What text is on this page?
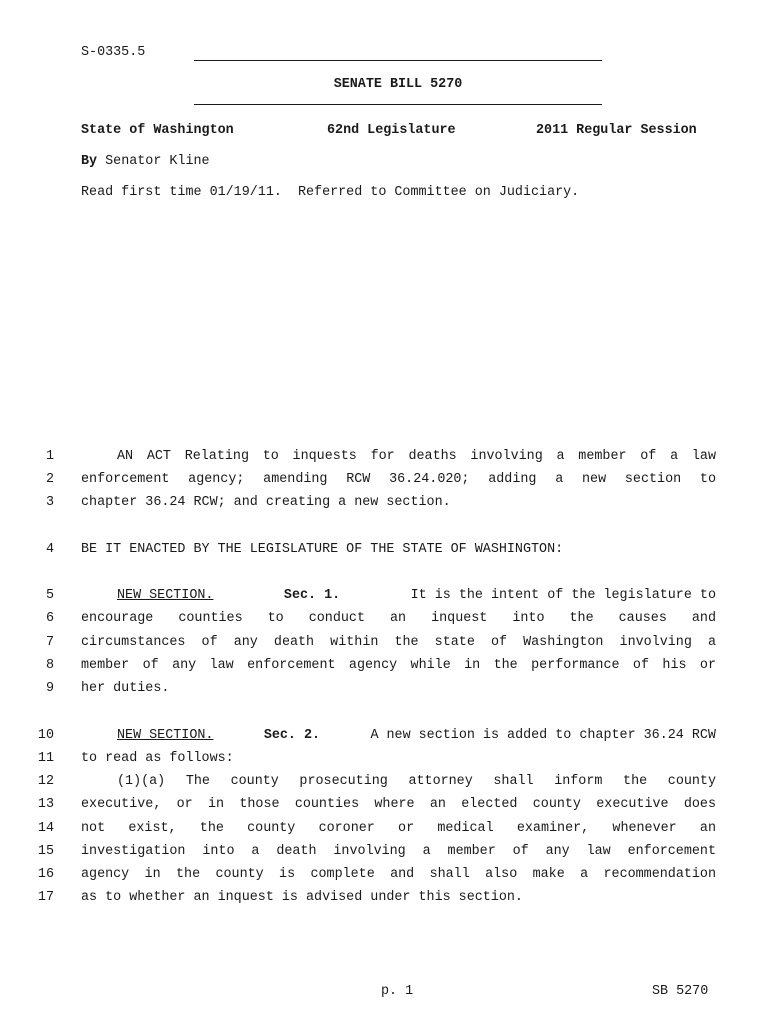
S-0335.5
SENATE BILL 5270
State of Washington	62nd Legislature	2011 Regular Session
By Senator Kline
Read first time 01/19/11.  Referred to Committee on Judiciary.
1	AN ACT Relating to inquests for deaths involving a member of a law
2 enforcement agency; amending RCW 36.24.020; adding a new section to
3 chapter 36.24 RCW; and creating a new section.
4 BE IT ENACTED BY THE LEGISLATURE OF THE STATE OF WASHINGTON:
5	NEW SECTION.	Sec. 1.	It is the intent of the legislature to
6 encourage counties to conduct an inquest into the causes and
7 circumstances of any death within the state of Washington involving a
8 member of any law enforcement agency while in the performance of his or
9 her duties.
10	NEW SECTION.	Sec. 2.	A new section is added to chapter 36.24 RCW
11 to read as follows:
12	(1)(a) The county prosecuting attorney shall inform the county
13 executive, or in those counties where an elected county executive does
14 not exist, the county coroner or medical examiner, whenever an
15 investigation into a death involving a member of any law enforcement
16 agency in the county is complete and shall also make a recommendation
17 as to whether an inquest is advised under this section.
p. 1	SB 5270
